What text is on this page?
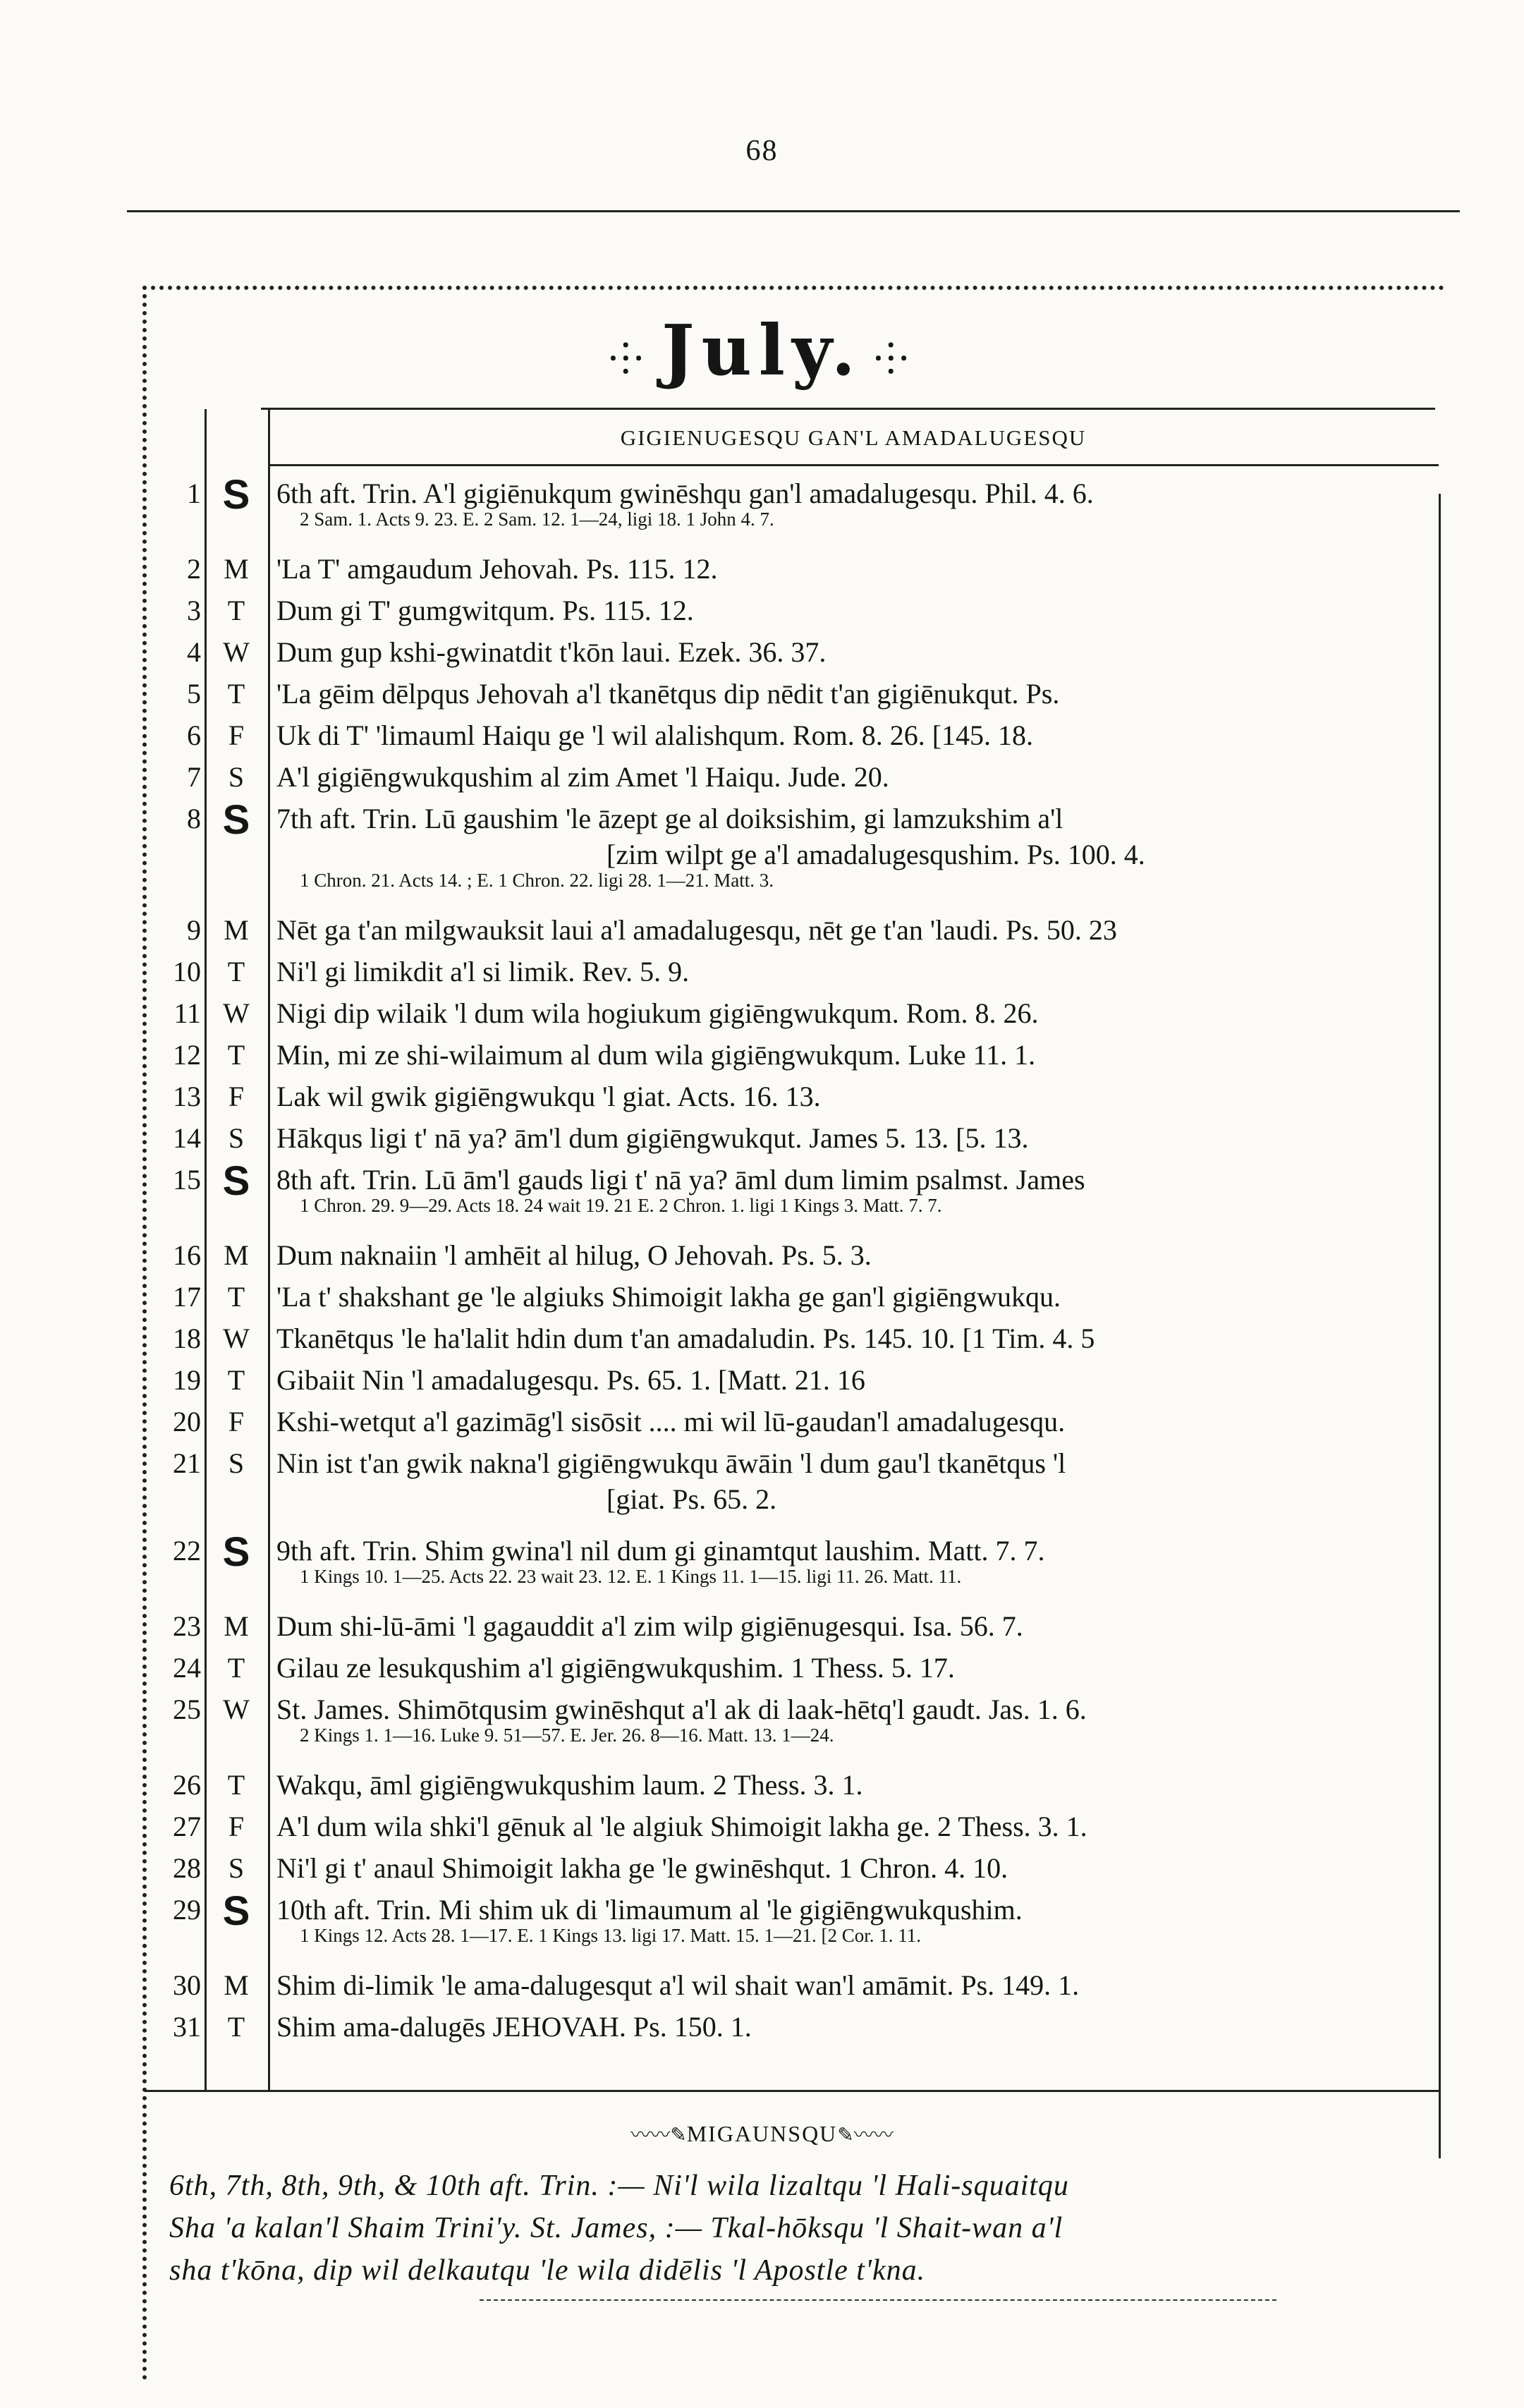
68
⸭ July. ⸭
GIGIENUGESQU GAN'L AMADALUGESQU
1 S 6th aft. Trin. A'l gigiēnukqum gwinēshqu gan'l amadalugesqu. Phil. 4. 6.
2 Sam. 1. Acts 9. 23. E. 2 Sam. 12. 1—24, ligi 18. 1 John 4. 7.
2 M 'La T' amgaudum Jehovah. Ps. 115. 12.
3 T	Dum gi T' gumgwitqum. Ps. 115. 12.
4 W Dum gup kshi-gwinatdit t'kōn laui. Ezek. 36. 37.
5 T	'La gēim dēlpqus Jehovah a'l tkanētqus dip nēdit t'an gigiēnukqut. Ps.
6 F	Uk di T' 'limauml Haiqu ge 'l wil alalishqum. Rom. 8. 26. [145. 18.
7 S	A'l gigiēngwukqushim al zim Amet 'l Haiqu. Jude. 20.
8 S 7th aft. Trin. Lū gaushim 'le āzept ge al doiksishim, gi lamzukshim a'l
[zim wilpt ge a'l amadalugesqushim. Ps. 100. 4.
1 Chron. 21. Acts 14. ; E. 1 Chron. 22. ligi 28. 1—21. Matt. 3.
9 M Nēt ga t'an milgwauksit laui a'l amadalugesqu, nēt ge t'an 'laudi. Ps. 50. 23
10 T	Ni'l gi limikdit a'l si limik. Rev. 5. 9.
11 W Nigi dip wilaik 'l dum wila hogiukum gigiēngwukqum. Rom. 8. 26.
12 T	Min, mi ze shi-wilaimum al dum wila gigiēngwukqum. Luke 11. 1.
13 F	Lak wil gwik gigiēngwukqu 'l giat. Acts. 16. 13.
14 S	Hākqus ligi t' nā ya? ām'l dum gigiēngwukqut. James 5. 13. [5. 13.
15 S 8th aft. Trin. Lū ām'l gauds ligi t' nā ya? āml dum limim psalmst. James
1 Chron. 29. 9—29. Acts 18. 24 wait 19. 21 E. 2 Chron. 1. ligi 1 Kings 3. Matt. 7. 7.
16 M Dum naknaiin 'l amhēit al hilug, O Jehovah. Ps. 5. 3.
17 T	'La t' shakshant ge 'le algiuks Shimoigit lakha ge gan'l gigiēngwukqu.
18 W Tkanētqus 'le ha'lalit hdin dum t'an amadaludin. Ps. 145. 10. [1 Tim. 4. 5
19 T	Gibaiit Nin 'l amadalugesqu. Ps. 65. 1. [Matt. 21. 16
20 F	Kshi-wetqut a'l gazimāg'l sisōsit .... mi wil lū-gaudan'l amadalugesqu.
21 S	Nin ist t'an gwik nakna'l gigiēngwukqu āwāin 'l dum gau'l tkanētqus 'l
[giat. Ps. 65. 2.
22 S 9th aft. Trin. Shim gwina'l nil dum gi ginamtqut laushim. Matt. 7. 7.
1 Kings 10. 1—25. Acts 22. 23 wait 23. 12. E. 1 Kings 11. 1—15. ligi 11. 26. Matt. 11.
23 M Dum shi-lū-āmi 'l gagauddit a'l zim wilp gigiēnugesqui. Isa. 56. 7.
24 T	Gilau ze lesukqushim a'l gigiēngwukqushim. 1 Thess. 5. 17.
25 W St. James. Shimōtqusim gwinēshqut a'l ak di laak-hētq'l gaudt. Jas. 1. 6.
2 Kings 1. 1—16. Luke 9. 51—57. E. Jer. 26. 8—16. Matt. 13. 1—24.
26 T	Wakqu, āml gigiēngwukqushim laum. 2 Thess. 3. 1.
27 F	A'l dum wila shki'l gēnuk al 'le algiuk Shimoigit lakha ge. 2 Thess. 3. 1.
28 S	Ni'l gi t' anaul Shimoigit lakha ge 'le gwinēshqut. 1 Chron. 4. 10.
29 S 10th aft. Trin. Mi shim uk di 'limaumum al 'le gigiēngwukqushim.
1 Kings 12. Acts 28. 1—17. E. 1 Kings 13. ligi 17. Matt. 15. 1—21. [2 Cor. 1. 11.
30 M Shim di-limik 'le ama-dalugesqut a'l wil shait wan'l amāmit. Ps. 149. 1.
31 T	Shim ama-dalugēs JEHOVAH. Ps. 150. 1.
〰〰✎MIGAUNSQU✎〰〰
6th, 7th, 8th, 9th, & 10th aft. Trin. :— Ni'l wila lizaltqu 'l Hali-squaitqu
Sha 'a kalan'l Shaim Trini'y. St. James, :— Tkal-hōksqu 'l Shait-wan a'l
sha t'kōna, dip wil delkautqu 'le wila didēlis 'l Apostle t'kna.
